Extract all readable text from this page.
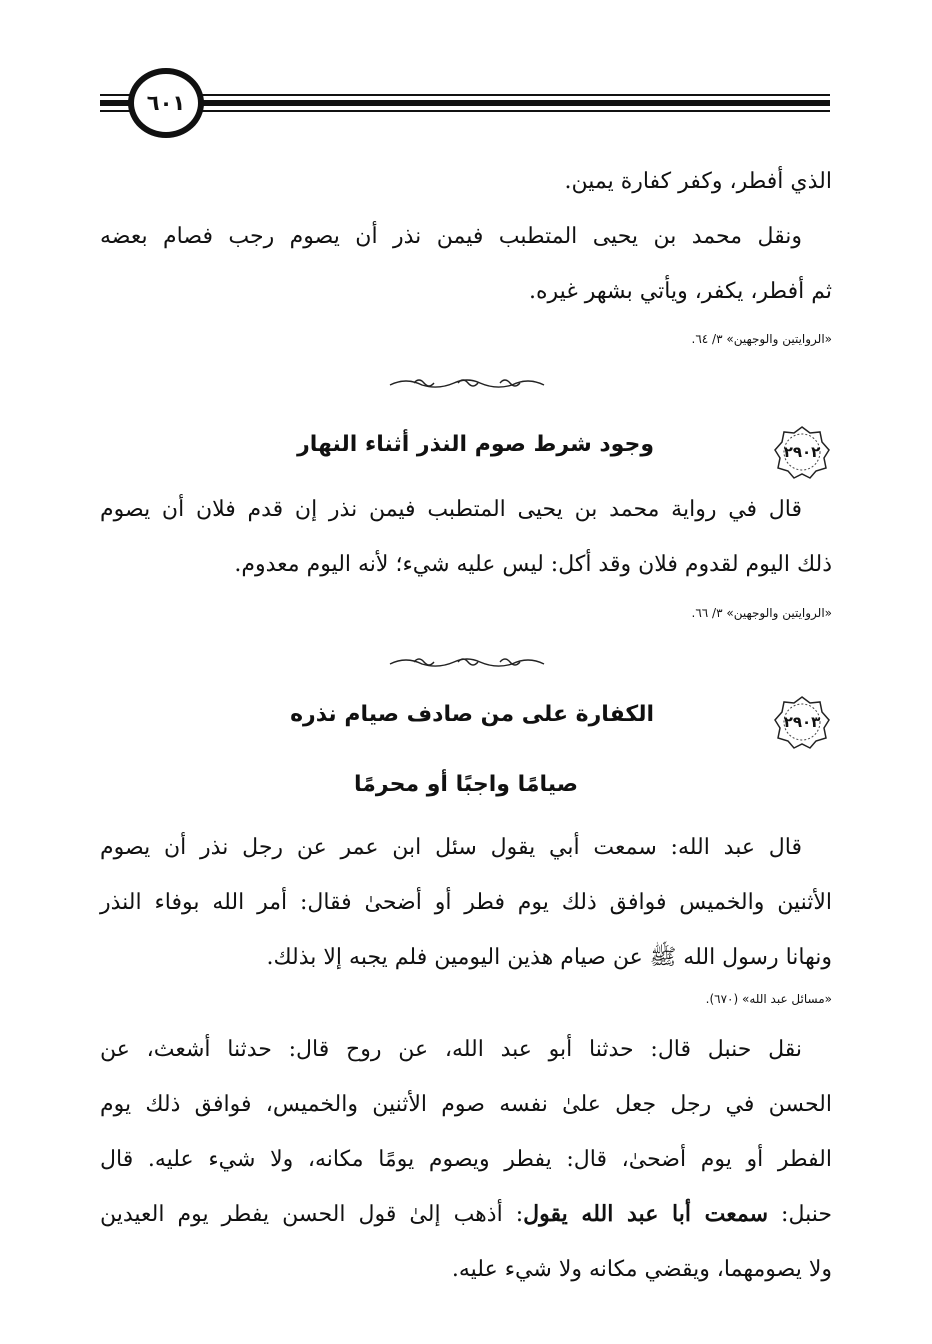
٦٠١
الذي أفطر، وكفر كفارة يمين.
ونقل محمد بن يحيى المتطبب فيمن نذر أن يصوم رجب فصام بعضه
ثم أفطر، يكفر، ويأتي بشهر غيره.
«الروايتين والوجهين» ٣/ ٦٤.
٢٩٠٢
وجود شرط صوم النذر أثناء النهار
قال في رواية محمد بن يحيى المتطبب فيمن نذر إن قدم فلان أن يصوم
ذلك اليوم لقدوم فلان وقد أكل: ليس عليه شيء؛ لأنه اليوم معدوم.
«الروايتين والوجهين» ٣/ ٦٦.
٢٩٠٣
الكفارة على من صادف صيام نذره
صيامًا واجبًا أو محرمًا
قال عبد الله: سمعت أبي يقول سئل ابن عمر عن رجل نذر أن يصوم
الأثنين والخميس فوافق ذلك يوم فطر أو أضحىٰ فقال: أمر الله بوفاء النذر
ونهانا رسول الله ﷺ عن صيام هذين اليومين فلم يجبه إلا بذلك.
«مسائل عبد الله» (٦٧٠).
نقل حنبل قال: حدثنا أبو عبد الله، عن روح قال: حدثنا أشعث، عن
الحسن في رجل جعل علىٰ نفسه صوم الأثنين والخميس، فوافق ذلك يوم
الفطر أو يوم أضحىٰ، قال: يفطر ويصوم يومًا مكانه، ولا شيء عليه. قال
حنبل: سمعت أبا عبد الله يقول: أذهب إلىٰ قول الحسن يفطر يوم العيدين
ولا يصومهما، ويقضي مكانه ولا شيء عليه.
